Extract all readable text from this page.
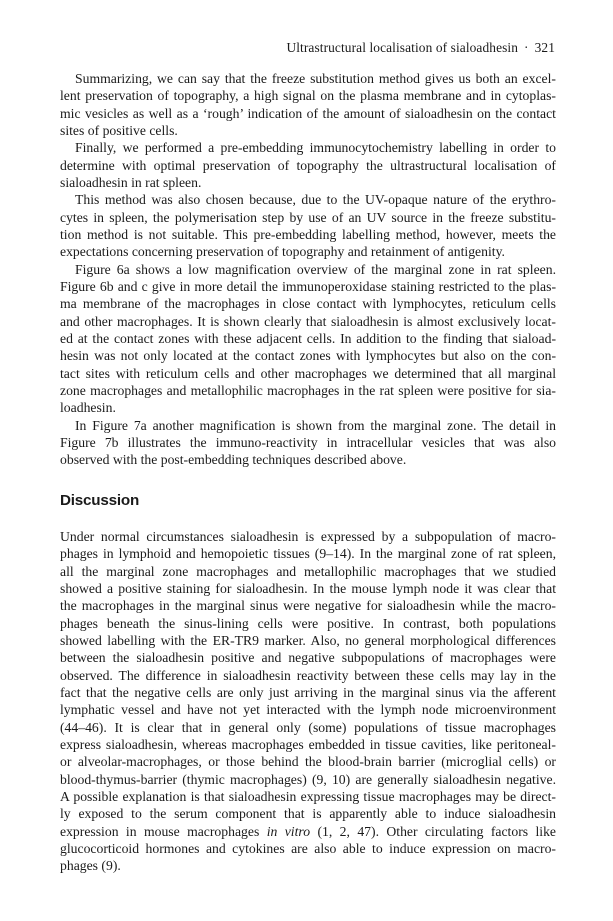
Ultrastructural localisation of sialoadhesin · 321
Summarizing, we can say that the freeze substitution method gives us both an excel-
lent preservation of topography, a high signal on the plasma membrane and in cytoplas-
mic vesicles as well as a ‘rough’ indication of the amount of sialoadhesin on the contact
sites of positive cells.
Finally, we performed a pre-embedding immunocytochemistry labelling in order to
determine with optimal preservation of topography the ultrastructural localisation of
sialoadhesin in rat spleen.
This method was also chosen because, due to the UV-opaque nature of the erythro-
cytes in spleen, the polymerisation step by use of an UV source in the freeze substitu-
tion method is not suitable. This pre-embedding labelling method, however, meets the
expectations concerning preservation of topography and retainment of antigenity.
Figure 6a shows a low magnification overview of the marginal zone in rat spleen.
Figure 6b and c give in more detail the immunoperoxidase staining restricted to the plas-
ma membrane of the macrophages in close contact with lymphocytes, reticulum cells
and other macrophages. It is shown clearly that sialoadhesin is almost exclusively locat-
ed at the contact zones with these adjacent cells. In addition to the finding that siaload-
hesin was not only located at the contact zones with lymphocytes but also on the con-
tact sites with reticulum cells and other macrophages we determined that all marginal
zone macrophages and metallophilic macrophages in the rat spleen were positive for sia-
loadhesin.
In Figure 7a another magnification is shown from the marginal zone. The detail in
Figure 7b illustrates the immuno-reactivity in intracellular vesicles that was also
observed with the post-embedding techniques described above.
Discussion
Under normal circumstances sialoadhesin is expressed by a subpopulation of macro-
phages in lymphoid and hemopoietic tissues (9–14). In the marginal zone of rat spleen,
all the marginal zone macrophages and metallophilic macrophages that we studied
showed a positive staining for sialoadhesin. In the mouse lymph node it was clear that
the macrophages in the marginal sinus were negative for sialoadhesin while the macro-
phages beneath the sinus-lining cells were positive. In contrast, both populations
showed labelling with the ER-TR9 marker. Also, no general morphological differences
between the sialoadhesin positive and negative subpopulations of macrophages were
observed. The difference in sialoadhesin reactivity between these cells may lay in the
fact that the negative cells are only just arriving in the marginal sinus via the afferent
lymphatic vessel and have not yet interacted with the lymph node microenvironment
(44–46). It is clear that in general only (some) populations of tissue macrophages
express sialoadhesin, whereas macrophages embedded in tissue cavities, like peritoneal-
or alveolar-macrophages, or those behind the blood-brain barrier (microglial cells) or
blood-thymus-barrier (thymic macrophages) (9, 10) are generally sialoadhesin negative.
A possible explanation is that sialoadhesin expressing tissue macrophages may be direct-
ly exposed to the serum component that is apparently able to induce sialoadhesin
expression in mouse macrophages in vitro (1, 2, 47). Other circulating factors like
glucocorticoid hormones and cytokines are also able to induce expression on macro-
phages (9).
